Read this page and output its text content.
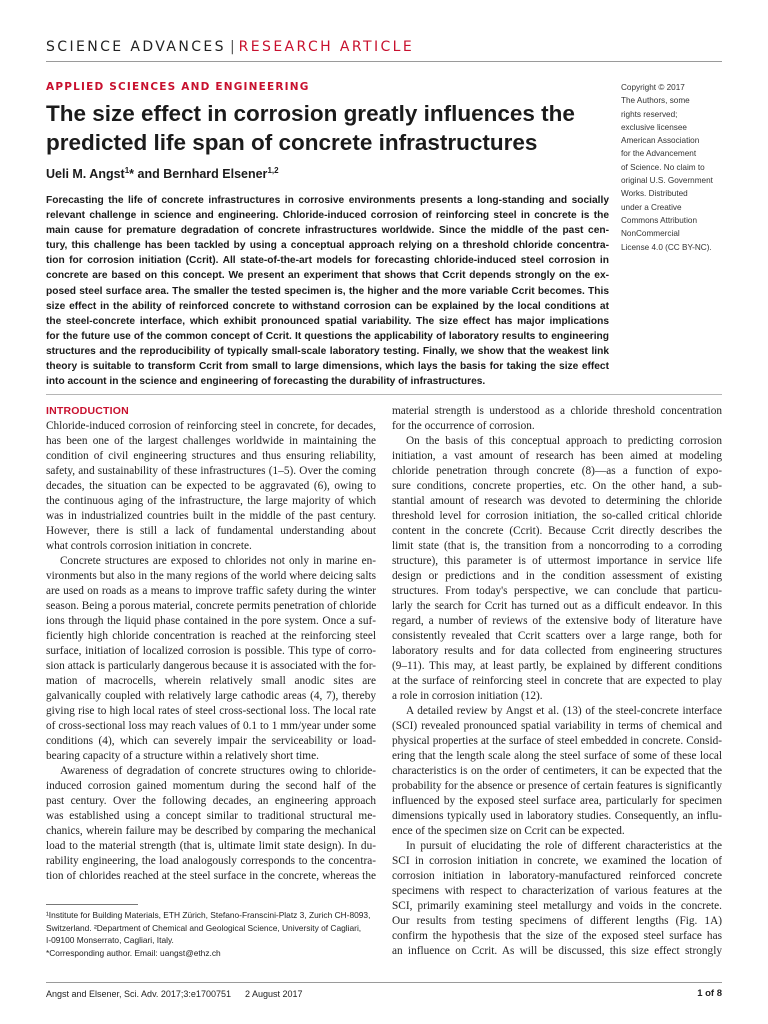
SCIENCE ADVANCES | RESEARCH ARTICLE
APPLIED SCIENCES AND ENGINEERING
The size effect in corrosion greatly influences the
predicted life span of concrete infrastructures
Ueli M. Angst$^1$* and Bernhard Elsener$^{1,2}$
Copyright © 2017
The Authors, some
rights reserved;
exclusive licensee
American Association
for the Advancement
of Science. No claim to
original U.S. Government
Works. Distributed
under a Creative
Commons Attribution
NonCommercial
License 4.0 (CC BY-NC).
Forecasting the life of concrete infrastructures in corrosive environments presents a long-standing and socially
relevant challenge in science and engineering. Chloride-induced corrosion of reinforcing steel in concrete is the
main cause for premature degradation of concrete infrastructures worldwide. Since the middle of the past cen-
tury, this challenge has been tackled by using a conceptual approach relying on a threshold chloride concentra-
tion for corrosion initiation (Ccrit). All state-of-the-art models for forecasting chloride-induced steel corrosion in
concrete are based on this concept. We present an experiment that shows that Ccrit depends strongly on the ex-
posed steel surface area. The smaller the tested specimen is, the higher and the more variable Ccrit becomes. This
size effect in the ability of reinforced concrete to withstand corrosion can be explained by the local conditions at
the steel-concrete interface, which exhibit pronounced spatial variability. The size effect has major implications
for the future use of the common concept of Ccrit. It questions the applicability of laboratory results to engineering
structures and the reproducibility of typically small-scale laboratory testing. Finally, we show that the weakest link
theory is suitable to transform Ccrit from small to large dimensions, which lays the basis for taking the size effect
into account in the science and engineering of forecasting the durability of infrastructures.
INTRODUCTION
Chloride-induced corrosion of reinforcing steel in concrete, for decades,
has been one of the largest challenges worldwide in maintaining the
condition of civil engineering structures and thus ensuring reliability,
safety, and sustainability of these infrastructures (1–5). Over the coming
decades, the situation can be expected to be aggravated (6), owing to
the continuous aging of the infrastructure, the large majority of which
was in industrialized countries built in the middle of the past century.
However, there is still a lack of fundamental understanding about
what controls corrosion initiation in concrete.
Concrete structures are exposed to chlorides not only in marine en-
vironments but also in the many regions of the world where deicing salts
are used on roads as a means to improve traffic safety during the winter
season. Being a porous material, concrete permits penetration of chloride
ions through the liquid phase contained in the pore system. Once a suf-
ficiently high chloride concentration is reached at the reinforcing steel
surface, initiation of localized corrosion is possible. This type of corro-
sion attack is particularly dangerous because it is associated with the for-
mation of macrocells, wherein relatively small anodic sites are
galvanically coupled with relatively large cathodic areas (4, 7), thereby
giving rise to high local rates of steel cross-sectional loss. The local rate
of cross-sectional loss may reach values of 0.1 to 1 mm/year under some
conditions (4), which can severely impair the serviceability or load-
bearing capacity of a structure within a relatively short time.
Awareness of degradation of concrete structures owing to chloride-
induced corrosion gained momentum during the second half of the
past century. Over the following decades, an engineering approach
was established using a concept similar to traditional structural me-
chanics, wherein failure may be described by comparing the mechanical
load to the material strength (that is, ultimate limit state design). In du-
rability engineering, the load analogously corresponds to the concentra-
tion of chlorides reached at the steel surface in the concrete, whereas the
material strength is understood as a chloride threshold concentration
for the occurrence of corrosion.
On the basis of this conceptual approach to predicting corrosion
initiation, a vast amount of research has been aimed at modeling
chloride penetration through concrete (8)—as a function of expo-
sure conditions, concrete properties, etc. On the other hand, a sub-
stantial amount of research was devoted to determining the chloride
threshold level for corrosion initiation, the so-called critical chloride
content in the concrete (Ccrit). Because Ccrit directly describes the
limit state (that is, the transition from a noncorroding to a corroding
structure), this parameter is of uttermost importance in service life
design or predictions and in the condition assessment of existing
structures. From today's perspective, we can conclude that particu-
larly the search for Ccrit has turned out as a difficult endeavor. In this
regard, a number of reviews of the extensive body of literature have
consistently revealed that Ccrit scatters over a large range, both for
laboratory results and for data collected from engineering structures
(9–11). This may, at least partly, be explained by different conditions
at the surface of reinforcing steel in concrete that are expected to play
a role in corrosion initiation (12).
A detailed review by Angst et al. (13) of the steel-concrete interface
(SCI) revealed pronounced spatial variability in terms of chemical and
physical properties at the surface of steel embedded in concrete. Consid-
ering that the length scale along the steel surface of some of these local
characteristics is on the order of centimeters, it can be expected that the
probability for the absence or presence of certain features is significantly
influenced by the exposed steel surface area, particularly for specimen
dimensions typically used in laboratory studies. Consequently, an influ-
ence of the specimen size on Ccrit can be expected.
In pursuit of elucidating the role of different characteristics at the
SCI in corrosion initiation in concrete, we examined the location of
corrosion initiation in laboratory-manufactured reinforced concrete
specimens with respect to characterization of various features at the
SCI, primarily examining steel metallurgy and voids in the concrete.
Our results from testing specimens of different lengths (Fig. 1A)
confirm the hypothesis that the size of the exposed steel surface has
an influence on Ccrit. As will be discussed, this size effect strongly
¹Institute for Building Materials, ETH Zürich, Stefano-Franscini-Platz 3, Zurich CH-8093,
Switzerland. ²Department of Chemical and Geological Science, University of Cagliari,
I-09100 Monserrato, Cagliari, Italy.
*Corresponding author. Email: uangst@ethz.ch
Angst and Elsener, Sci. Adv. 2017;3:e1700751 2 August 2017	1 of 8
